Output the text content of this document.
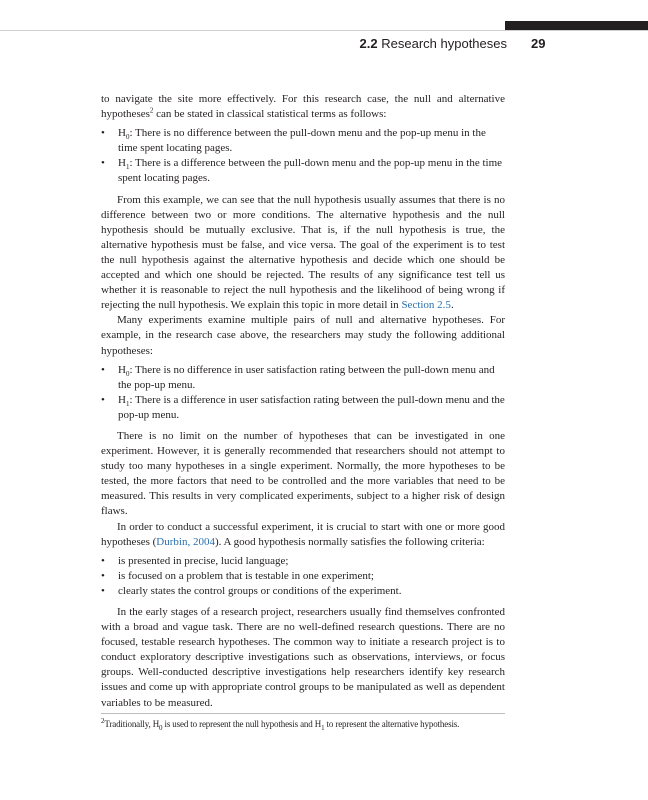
2.2 Research hypotheses 29

to navigate the site more effectively. For this research case, the null and alternative hypotheses$^2$ can be stated in classical statistical terms as follows:

• $H_0$: There is no difference between the pull-down menu and the pop-up menu in the time spent locating pages.
• $H_1$: There is a difference between the pull-down menu and the pop-up menu in the time spent locating pages.

From this example, we can see that the null hypothesis usually assumes that there is no difference between two or more conditions. The alternative hypothesis and the null hypothesis should be mutually exclusive. That is, if the null hypothesis is true, the alternative hypothesis must be false, and vice versa. The goal of the experiment is to test the null hypothesis against the alternative hypothesis and decide which one should be accepted and which one should be rejected. The results of any significance test tell us whether it is reasonable to reject the null hypothesis and the likelihood of being wrong if rejecting the null hypothesis. We explain this topic in more detail in Section 2.5.

Many experiments examine multiple pairs of null and alternative hypotheses. For example, in the research case above, the researchers may study the following additional hypotheses:

• $H_0$: There is no difference in user satisfaction rating between the pull-down menu and the pop-up menu.
• $H_1$: There is a difference in user satisfaction rating between the pull-down menu and the pop-up menu.

There is no limit on the number of hypotheses that can be investigated in one experiment. However, it is generally recommended that researchers should not attempt to study too many hypotheses in a single experiment. Normally, the more hypotheses to be tested, the more factors that need to be controlled and the more variables that need to be measured. This results in very complicated experiments, subject to a higher risk of design flaws.

In order to conduct a successful experiment, it is crucial to start with one or more good hypotheses (Durbin, 2004). A good hypothesis normally satisfies the following criteria:

• is presented in precise, lucid language;
• is focused on a problem that is testable in one experiment;
• clearly states the control groups or conditions of the experiment.

In the early stages of a research project, researchers usually find themselves confronted with a broad and vague task. There are no well-defined research questions. There are no focused, testable research hypotheses. The common way to initiate a research project is to conduct exploratory descriptive investigations such as observations, interviews, or focus groups. Well-conducted descriptive investigations help researchers identify key research issues and come up with appropriate control groups to be manipulated as well as dependent variables to be measured.

$^2$Traditionally, $H_0$ is used to represent the null hypothesis and $H_1$ to represent the alternative hypothesis.
